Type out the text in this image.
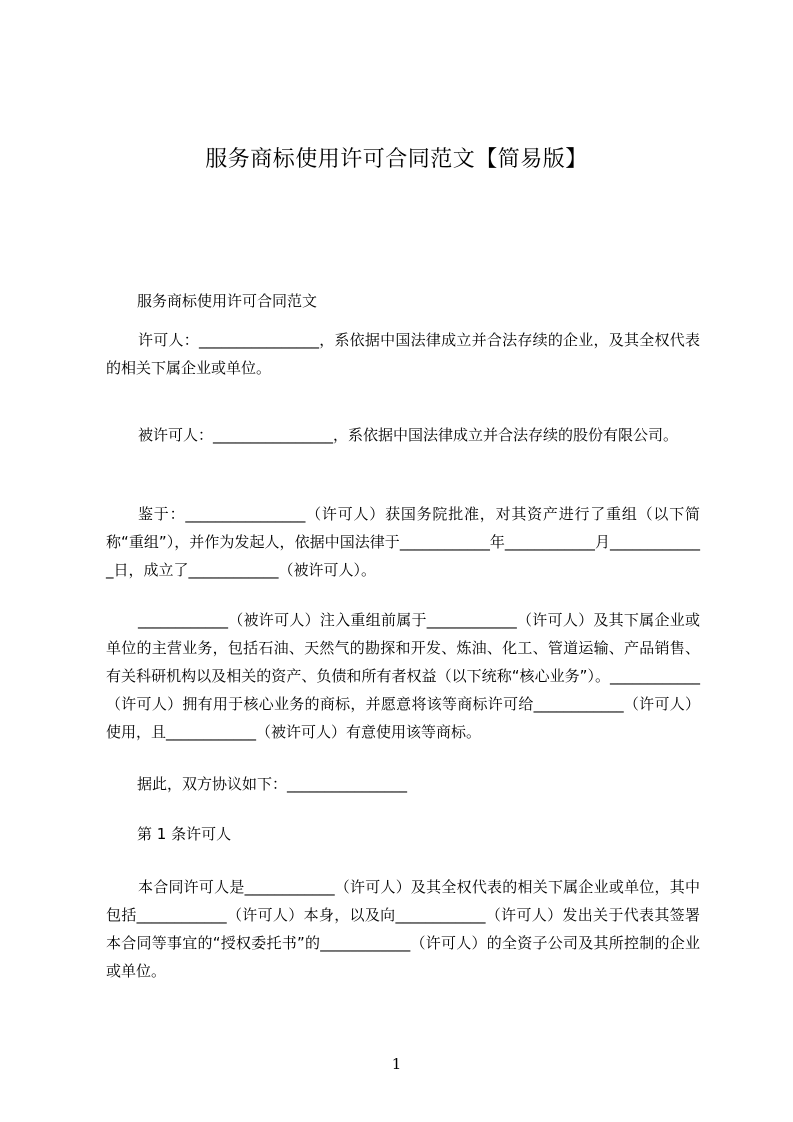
服务商标使用许可合同范文【简易版】
服务商标使用许可合同范文

许可人：________________，系依据中国法律成立并合法存续的企业，及其全权代表的相关下属企业或单位。

被许可人：________________，系依据中国法律成立并合法存续的股份有限公司。

鉴于：________________（许可人）获国务院批准，对其资产进行了重组（以下简称“重组”），并作为发起人，依据中国法律于____________年____________月_____________日，成立了____________（被许可人）。

____________（被许可人）注入重组前属于____________（许可人）及其下属企业或单位的主营业务，包括石油、天然气的勘探和开发、炼油、化工、管道运输、产品销售、有关科研机构以及相关的资产、负债和所有者权益（以下统称“核心业务”）。____________（许可人）拥有用于核心业务的商标，并愿意将该等商标许可给____________（许可人）使用，且____________（被许可人）有意使用该等商标。

据此，双方协议如下：________________
第 1 条许可人

本合同许可人是____________（许可人）及其全权代表的相关下属企业或单位，其中包括____________（许可人）本身，以及向____________（许可人）发出关于代表其签署本合同等事宜的“授权委托书”的____________（许可人）的全资子公司及其所控制的企业或单位。

1
